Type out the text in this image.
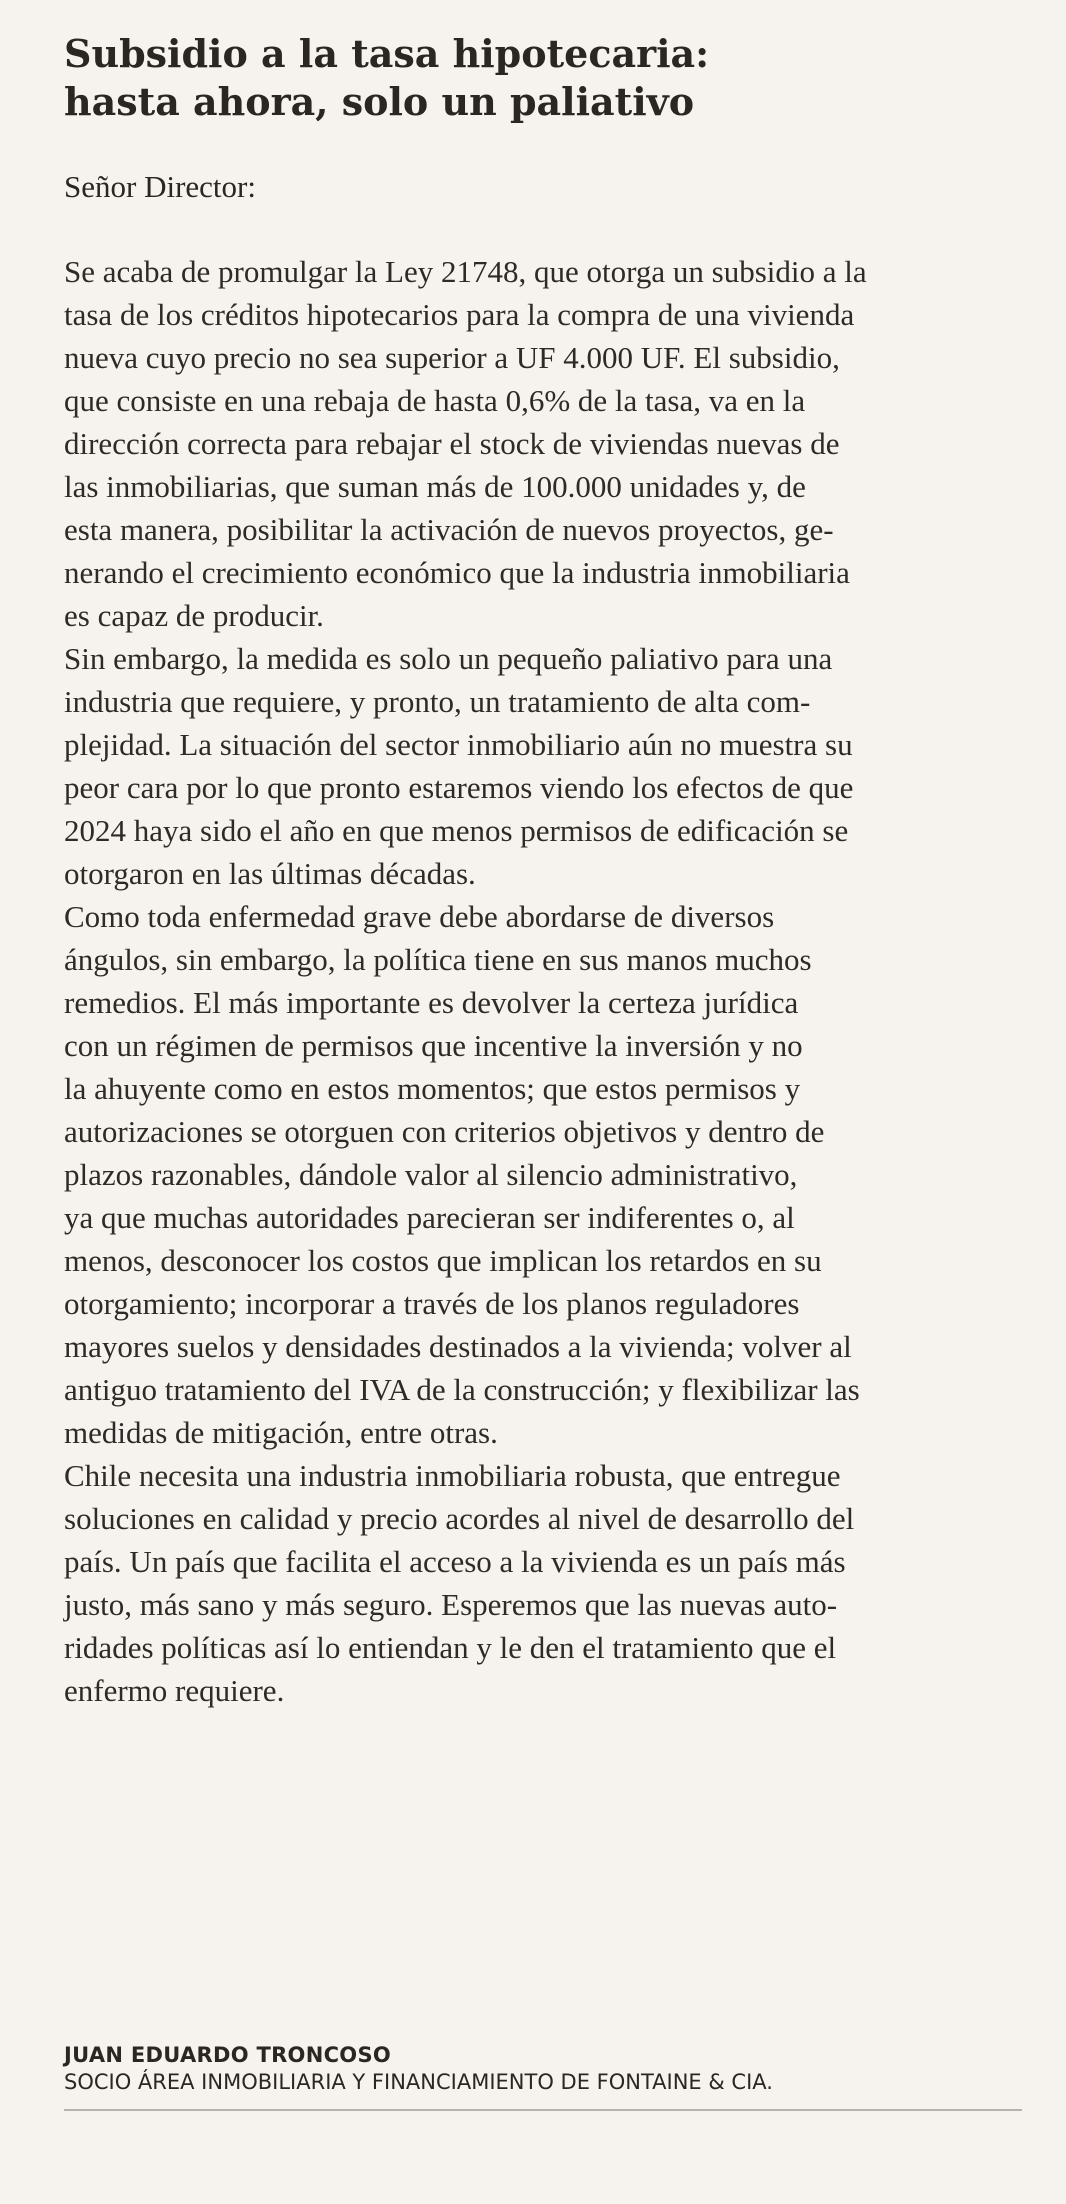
Subsidio a la tasa hipotecaria:
hasta ahora, solo un paliativo
Señor Director:

Se acaba de promulgar la Ley 21748, que otorga un subsidio a la
tasa de los créditos hipotecarios para la compra de una vivienda
nueva cuyo precio no sea superior a UF 4.000 UF. El subsidio,
que consiste en una rebaja de hasta 0,6% de la tasa, va en la
dirección correcta para rebajar el stock de viviendas nuevas de
las inmobiliarias, que suman más de 100.000 unidades y, de
esta manera, posibilitar la activación de nuevos proyectos, ge-
nerando el crecimiento económico que la industria inmobiliaria
es capaz de producir.

Sin embargo, la medida es solo un pequeño paliativo para una
industria que requiere, y pronto, un tratamiento de alta com-
plejidad. La situación del sector inmobiliario aún no muestra su
peor cara por lo que pronto estaremos viendo los efectos de que
2024 haya sido el año en que menos permisos de edificación se
otorgaron en las últimas décadas.

Como toda enfermedad grave debe abordarse de diversos
ángulos, sin embargo, la política tiene en sus manos muchos
remedios. El más importante es devolver la certeza jurídica
con un régimen de permisos que incentive la inversión y no
la ahuyente como en estos momentos; que estos permisos y
autorizaciones se otorguen con criterios objetivos y dentro de
plazos razonables, dándole valor al silencio administrativo,
ya que muchas autoridades parecieran ser indiferentes o, al
menos, desconocer los costos que implican los retardos en su
otorgamiento; incorporar a través de los planos reguladores
mayores suelos y densidades destinados a la vivienda; volver al
antiguo tratamiento del IVA de la construcción; y flexibilizar las
medidas de mitigación, entre otras.

Chile necesita una industria inmobiliaria robusta, que entregue
soluciones en calidad y precio acordes al nivel de desarrollo del
país. Un país que facilita el acceso a la vivienda es un país más
justo, más sano y más seguro. Esperemos que las nuevas auto-
ridades políticas así lo entiendan y le den el tratamiento que el
enfermo requiere.

JUAN EDUARDO TRONCOSO
SOCIO ÁREA INMOBILIARIA Y FINANCIAMIENTO DE FONTAINE & CIA.
